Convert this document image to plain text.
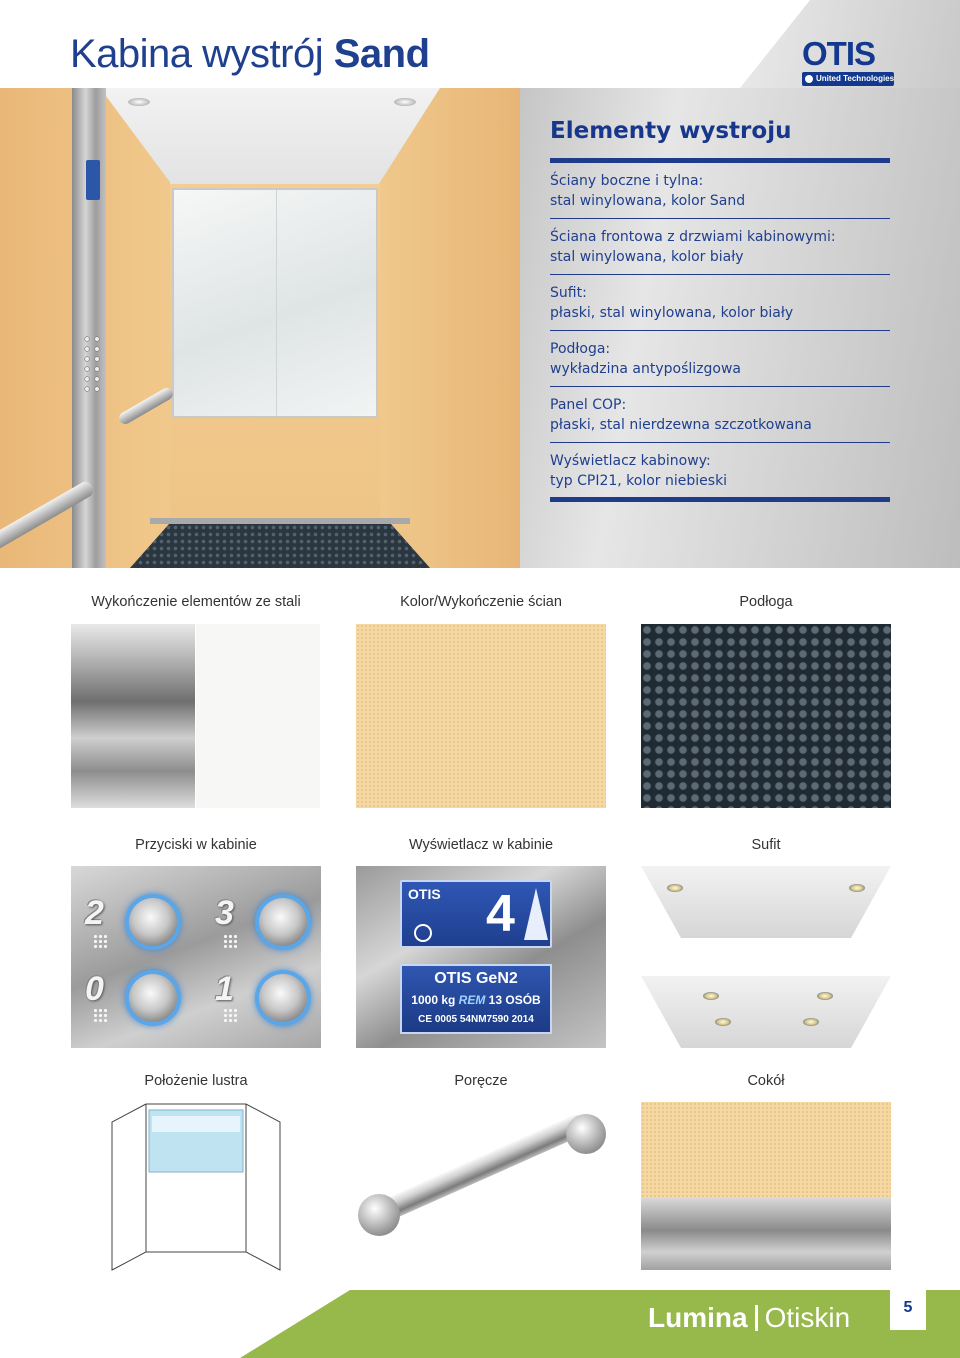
Kabina wystrój Sand	OTIS
United Technologies
Elementy wystroju
Ściany boczne i tylna:
stal winylowana, kolor Sand
Ściana frontowa z drzwiami kabinowymi:
stal winylowana, kolor biały
Sufit:
płaski, stal winylowana, kolor biały
Podłoga:
wykładzina antypoślizgowa
Panel COP:
płaski, stal nierdzewna szczotkowana
Wyświetlacz kabinowy:
typ CPI21, kolor niebieski
Wykończenie elementów ze stali	Kolor/Wykończenie ścian	Podłoga
Przyciski w kabinie	Wyświetlacz w kabinie	Sufit
2	3
0	1
OTIS 4
OTIS GeN2
1000 kg REM 13 OSÓB
CE 0005 54NM7590 2014
Położenie lustra	Poręcze	Cokół
Lumina Otiskin	5
